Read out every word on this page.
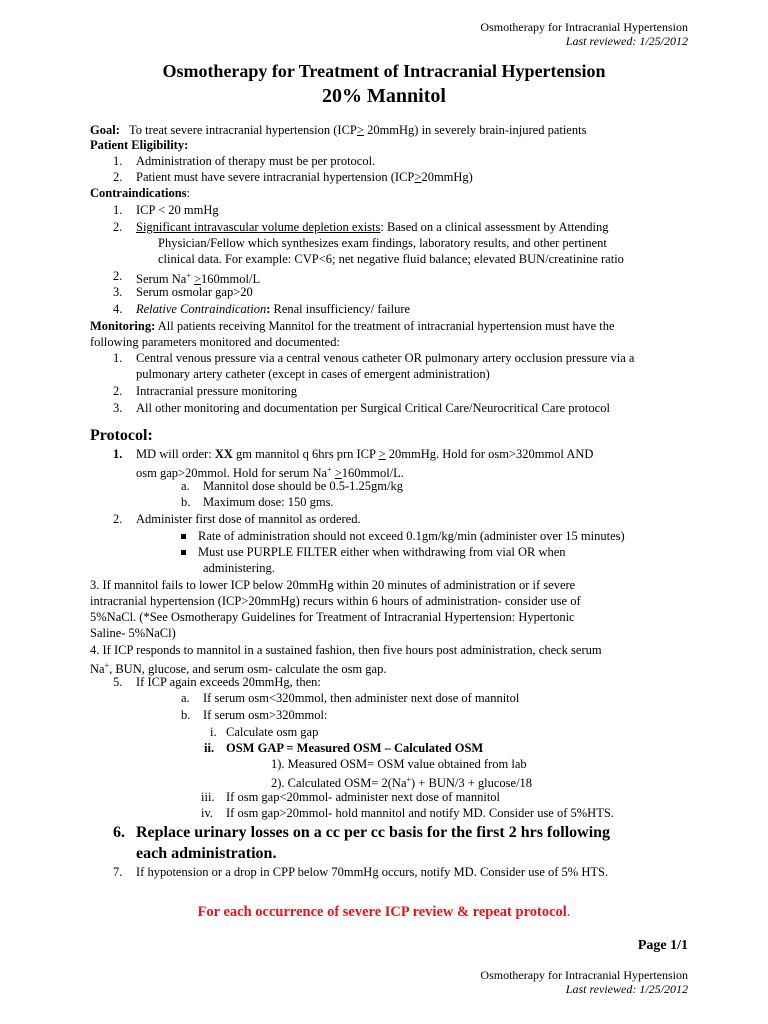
Osmotherapy for Intracranial Hypertension
Last reviewed: 1/25/2012
Osmotherapy for Treatment of Intracranial Hypertension
20% Mannitol
Goal: To treat severe intracranial hypertension (ICP> 20mmHg) in severely brain-injured patients
Patient Eligibility:
1. Administration of therapy must be per protocol.
2. Patient must have severe intracranial hypertension (ICP>20mmHg)
Contraindications:
1. ICP < 20 mmHg
2. Significant intravascular volume depletion exists: Based on a clinical assessment by Attending
Physician/Fellow which synthesizes exam findings, laboratory results, and other pertinent
clinical data. For example: CVP<6; net negative fluid balance; elevated BUN/creatinine ratio
2. Serum Na+ >160mmol/L
3. Serum osmolar gap>20
4. Relative Contraindication: Renal insufficiency/ failure
Monitoring: All patients receiving Mannitol for the treatment of intracranial hypertension must have the
following parameters monitored and documented:
1. Central venous pressure via a central venous catheter OR pulmonary artery occlusion pressure via a
pulmonary artery catheter (except in cases of emergent administration)
2. Intracranial pressure monitoring
3. All other monitoring and documentation per Surgical Critical Care/Neurocritical Care protocol
Protocol:
1. MD will order: XX gm mannitol q 6hrs prn ICP > 20mmHg. Hold for osm>320mmol AND
osm gap>20mmol. Hold for serum Na+ >160mmol/L.
a. Mannitol dose should be 0.5-1.25gm/kg
b. Maximum dose: 150 gms.
2. Administer first dose of mannitol as ordered.
Rate of administration should not exceed 0.1gm/kg/min (administer over 15 minutes)
Must use PURPLE FILTER either when withdrawing from vial OR when
administering.
3. If mannitol fails to lower ICP below 20mmHg within 20 minutes of administration or if severe
intracranial hypertension (ICP>20mmHg) recurs within 6 hours of administration- consider use of
5%NaCl. (*See Osmotherapy Guidelines for Treatment of Intracranial Hypertension: Hypertonic
Saline- 5%NaCl)
4. If ICP responds to mannitol in a sustained fashion, then five hours post administration, check serum
Na+, BUN, glucose, and serum osm- calculate the osm gap.
5. If ICP again exceeds 20mmHg, then:
a. If serum osm<320mmol, then administer next dose of mannitol
b. If serum osm>320mmol:
i. Calculate osm gap
ii. OSM GAP = Measured OSM – Calculated OSM
1). Measured OSM= OSM value obtained from lab
2). Calculated OSM= 2(Na+) + BUN/3 + glucose/18
iii. If osm gap<20mmol- administer next dose of mannitol
iv. If osm gap>20mmol- hold mannitol and notify MD. Consider use of 5%HTS.
6. Replace urinary losses on a cc per cc basis for the first 2 hrs following
each administration.
7. If hypotension or a drop in CPP below 70mmHg occurs, notify MD. Consider use of 5% HTS.
For each occurrence of severe ICP review & repeat protocol.
Page 1/1
Osmotherapy for Intracranial Hypertension
Last reviewed: 1/25/2012
